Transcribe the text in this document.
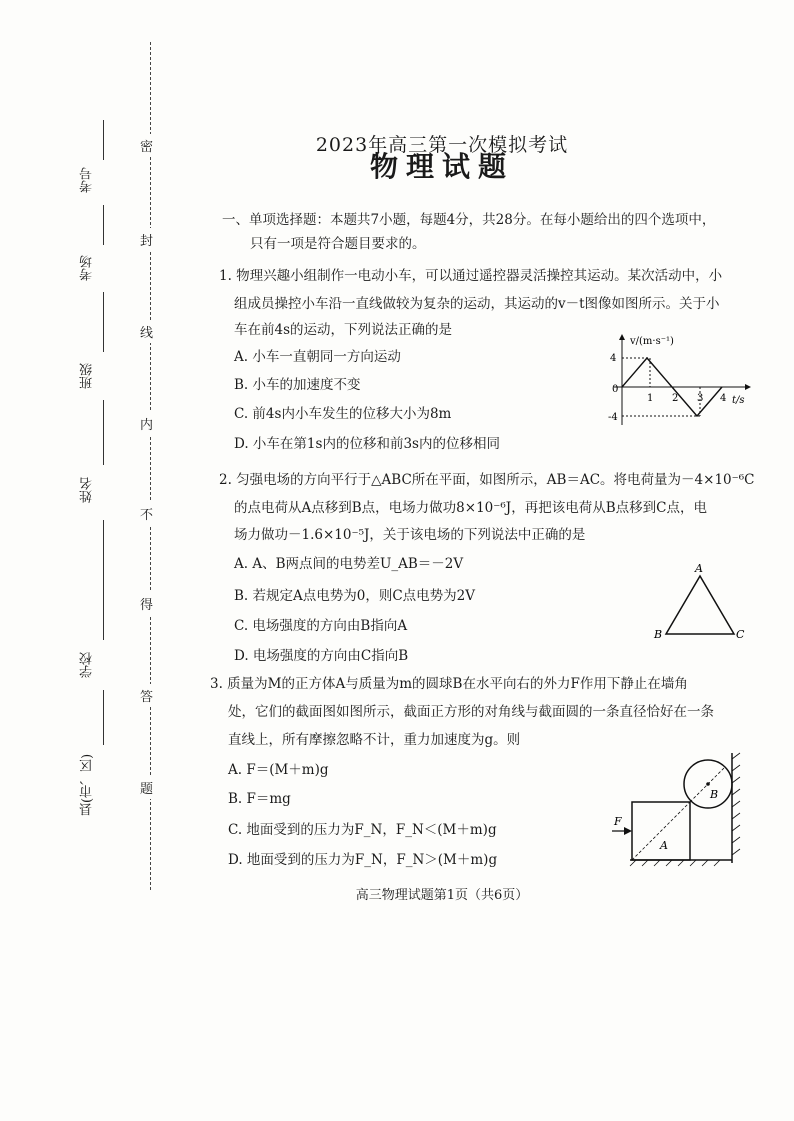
密
封
线
内
不
得
答
题
考号
考场
班级
姓名
学校
县(市、区)
2023年高三第一次模拟考试
物理试题
一、单项选择题：本题共7小题，每题4分，共28分。在每小题给出的四个选项中，
只有一项是符合题目要求的。
1. 物理兴趣小组制作一电动小车，可以通过遥控器灵活操控其运动。某次活动中，小
组成员操控小车沿一直线做较为复杂的运动，其运动的v－t图像如图所示。关于小
车在前4s的运动，下列说法正确的是
A. 小车一直朝同一方向运动
B. 小车的加速度不变
C. 前4s内小车发生的位移大小为8m
D. 小车在第1s内的位移和前3s内的位移相同
v/(m·s⁻¹)
t/s
4
0
-4
1 2 3 4
2. 匀强电场的方向平行于△ABC所在平面，如图所示，AB＝AC。将电荷量为－4×10⁻⁶C
的点电荷从A点移到B点，电场力做功8×10⁻⁶J，再把该电荷从B点移到C点，电
场力做功－1.6×10⁻⁵J，关于该电场的下列说法中正确的是
A. A、B两点间的电势差U_AB＝－2V
B. 若规定A点电势为0，则C点电势为2V
C. 电场强度的方向由B指向A
D. 电场强度的方向由C指向B
A
B	C
3. 质量为M的正方体A与质量为m的圆球B在水平向右的外力F作用下静止在墙角
处，它们的截面图如图所示，截面正方形的对角线与截面圆的一条直径恰好在一条
直线上，所有摩擦忽略不计，重力加速度为g。则
A. F＝(M＋m)g
B. F＝mg
C. 地面受到的压力为F_N，F_N＜(M＋m)g
D. 地面受到的压力为F_N，F_N＞(M＋m)g
F
A
B
高三物理试题第1页（共6页）
